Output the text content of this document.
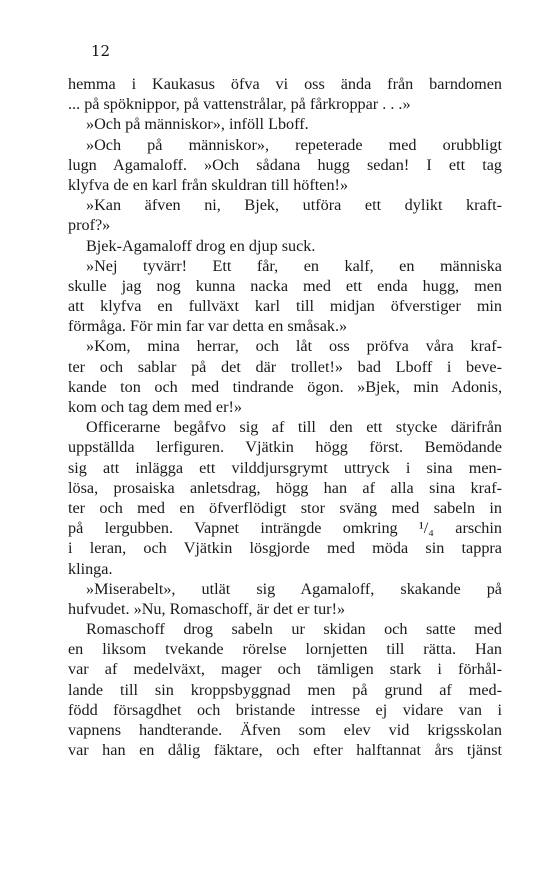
12
hemma i Kaukasus öfva vi oss ända från barndomen
... på spöknippor, på vattenstrålar, på fårkroppar . . .»
»Och på människor», inföll Lboff.
»Och på människor», repeterade med orubbligt
lugn Agamaloff. »Och sådana hugg sedan! I ett tag
klyfva de en karl från skuldran till höften!»
»Kan äfven ni, Bjek, utföra ett dylikt kraft-
prof?»
Bjek-Agamaloff drog en djup suck.
»Nej tyvärr! Ett får, en kalf, en människa
skulle jag nog kunna nacka med ett enda hugg, men
att klyfva en fullväxt karl till midjan öfverstiger min
förmåga. För min far var detta en småsak.»
»Kom, mina herrar, och låt oss pröfva våra kraf-
ter och sablar på det där trollet!» bad Lboff i beve-
kande ton och med tindrande ögon. »Bjek, min Adonis,
kom och tag dem med er!»
Officerarne begåfvo sig af till den ett stycke därifrån
uppställda lerfiguren. Vjätkin högg först. Bemödande
sig att inlägga ett vilddjursgrymt uttryck i sina men-
lösa, prosaiska anletsdrag, högg han af alla sina kraf-
ter och med en öfverflödigt stor sväng med sabeln in
på lergubben. Vapnet inträngde omkring ¹/₄ arschin
i leran, och Vjätkin lösgjorde med möda sin tappra
klinga.
»Miserabelt», utlät sig Agamaloff, skakande på
hufvudet. »Nu, Romaschoff, är det er tur!»
Romaschoff drog sabeln ur skidan och satte med
en liksom tvekande rörelse lornjetten till rätta. Han
var af medelväxt, mager och tämligen stark i förhål-
lande till sin kroppsbyggnad men på grund af med-
född försagdhet och bristande intresse ej vidare van i
vapnens handterande. Äfven som elev vid krigsskolan
var han en dålig fäktare, och efter halftannat års tjänst
